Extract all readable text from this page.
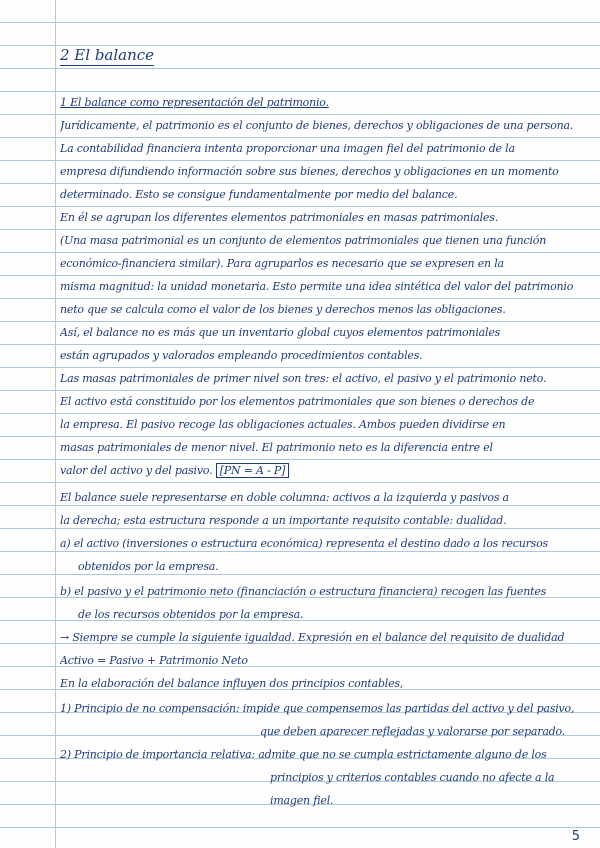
2 El balance
1 El balance como representación del patrimonio.
Jurídicamente, el patrimonio es el conjunto de bienes, derechos y obligaciones de una persona.
La contabilidad financiera intenta proporcionar una imagen fiel del patrimonio de la
empresa difundiendo información sobre sus bienes, derechos y obligaciones en un momento
determinado. Esto se consigue fundamentalmente por medio del balance.
En él se agrupan los diferentes elementos patrimoniales en masas patrimoniales.
(Una masa patrimonial es un conjunto de elementos patrimoniales que tienen una función
económico-financiera similar). Para agruparlos es necesario que se expresen en la
misma magnitud: la unidad monetaria. Esto permite una idea sintética del valor del patrimonio
neto que se calcula como el valor de los bienes y derechos menos las obligaciones.
Así, el balance no es más que un inventario global cuyos elementos patrimoniales
están agrupados y valorados empleando procedimientos contables.
Las masas patrimoniales de primer nivel son tres: el activo, el pasivo y el patrimonio neto.
El activo está constituido por los elementos patrimoniales que son bienes o derechos de
la empresa. El pasivo recoge las obligaciones actuales. Ambos pueden dividirse en
masas patrimoniales de menor nivel. El patrimonio neto es la diferencia entre el
valor del activo y del pasivo. [PN = A - P]
El balance suele representarse en doble columna: activos a la izquierda y pasivos a
la derecha; esta estructura responde a un importante requisito contable: dualidad.
a) el activo (inversiones o estructura económica) representa el destino dado a los recursos
obtenidos por la empresa.
b) el pasivo y el patrimonio neto (financiación o estructura financiera) recogen las fuentes
de los recursos obtenidos por la empresa.
→ Siempre se cumple la siguiente igualdad. Expresión en el balance del requisito de dualidad
Activo = Pasivo + Patrimonio Neto
En la elaboración del balance influyen dos principios contables,
1) Principio de no compensación: impide que compensemos las partidas del activo y del pasivo,
que deben aparecer reflejadas y valorarse por separado.
2) Principio de importancia relativa: admite que no se cumpla estrictamente alguno de los
principios y criterios contables cuando no afecte a la
imagen fiel.
5
